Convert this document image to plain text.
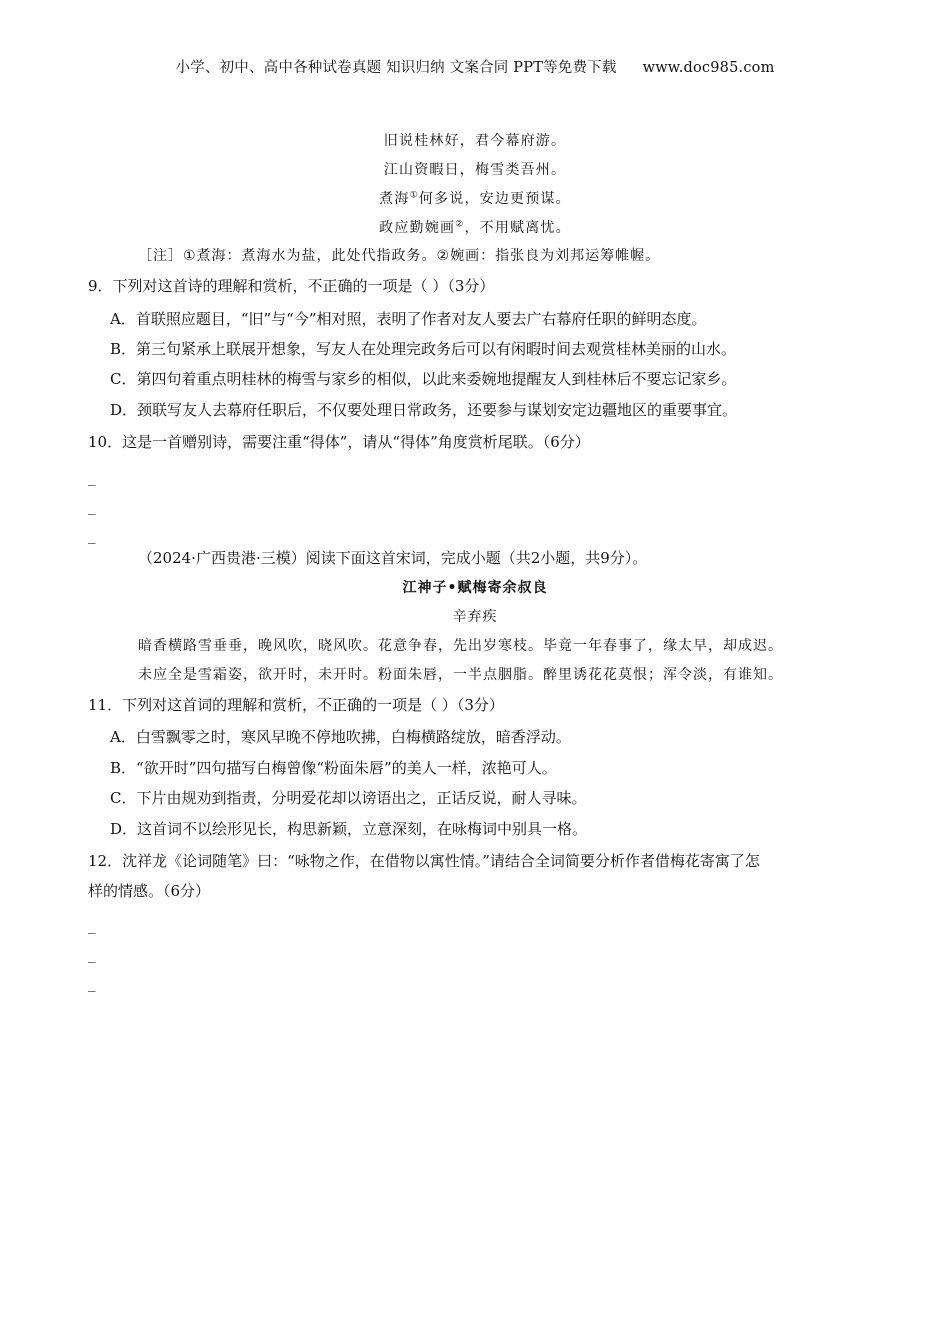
小学、初中、高中各种试卷真题 知识归纳 文案合同 PPT等免费下载 www.doc985.com
旧说桂林好，君今幕府游。
江山资暇日，梅雪类吾州。
煮海①何多说，安边更预谋。
政应勤婉画②，不用赋离忧。
［注］①煮海：煮海水为盐，此处代指政务。②婉画：指张良为刘邦运筹帷幄。
9．下列对这首诗的理解和赏析，不正确的一项是（ ）（3分）
A．首联照应题目，“旧”与“今”相对照，表明了作者对友人要去广右幕府任职的鲜明态度。
B．第三句紧承上联展开想象，写友人在处理完政务后可以有闲暇时间去观赏桂林美丽的山水。
C．第四句着重点明桂林的梅雪与家乡的相似，以此来委婉地提醒友人到桂林后不要忘记家乡。
D．颈联写友人去幕府任职后，不仅要处理日常政务，还要参与谋划安定边疆地区的重要事宜。
10．这是一首赠别诗，需要注重“得体”，请从“得体”角度赏析尾联。（6分）
_
_
_
（2024·广西贵港·三模）阅读下面这首宋词，完成小题（共2小题，共9分）。
江神子•赋梅寄余叔良
辛弃疾
暗香横路雪垂垂，晚风吹，晓风吹。花意争春，先出岁寒枝。毕竟一年春事了，缘太早，却成迟。
未应全是雪霜姿，欲开时，未开时。粉面朱唇，一半点胭脂。醉里诱花花莫恨；浑令淡，有谁知。
11．下列对这首词的理解和赏析，不正确的一项是（ ）（3分）
A．白雪飘零之时，寒风早晚不停地吹拂，白梅横路绽放，暗香浮动。
B．“欲开时”四句描写白梅曾像“粉面朱唇”的美人一样，浓艳可人。
C．下片由规劝到指责，分明爱花却以谤语出之，正话反说，耐人寻味。
D．这首词不以绘形见长，构思新颖，立意深刻，在咏梅词中别具一格。
12．沈祥龙《论词随笔》曰：“咏物之作，在借物以寓性情。”请结合全词简要分析作者借梅花寄寓了怎
样的情感。（6分）
_
_
_
